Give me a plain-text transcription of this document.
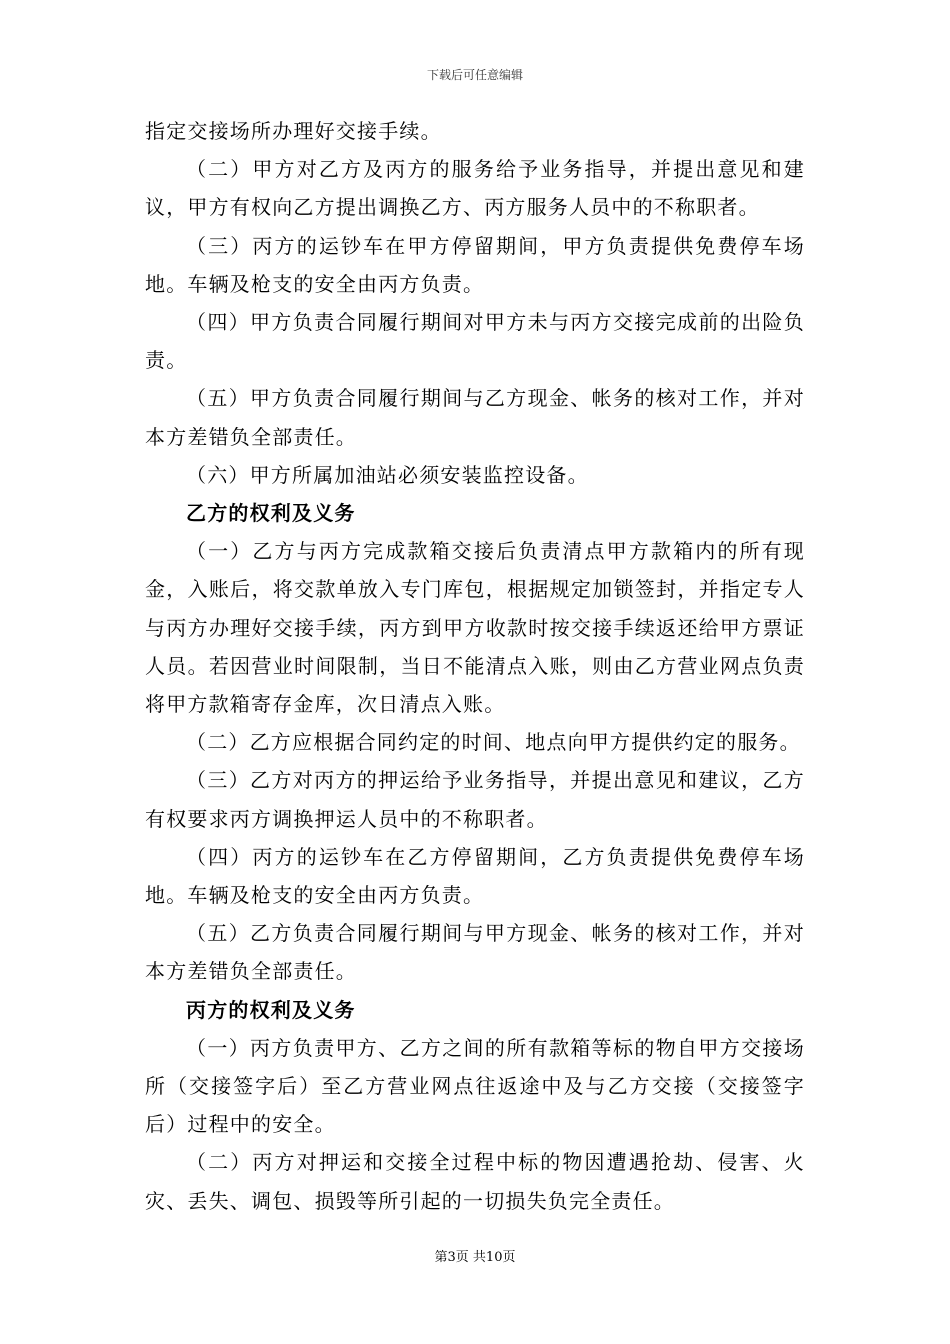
下载后可任意编辑

指定交接场所办理好交接手续。

（二）甲方对乙方及丙方的服务给予业务指导，并提出意见和建议，甲方有权向乙方提出调换乙方、丙方服务人员中的不称职者。

（三）丙方的运钞车在甲方停留期间，甲方负责提供免费停车场地。车辆及枪支的安全由丙方负责。

（四）甲方负责合同履行期间对甲方未与丙方交接完成前的出险负责。

（五）甲方负责合同履行期间与乙方现金、帐务的核对工作，并对本方差错负全部责任。

（六）甲方所属加油站必须安装监控设备。

乙方的权利及义务

（一）乙方与丙方完成款箱交接后负责清点甲方款箱内的所有现金，入账后，将交款单放入专门库包，根据规定加锁签封，并指定专人与丙方办理好交接手续，丙方到甲方收款时按交接手续返还给甲方票证人员。若因营业时间限制，当日不能清点入账，则由乙方营业网点负责将甲方款箱寄存金库，次日清点入账。

（二）乙方应根据合同约定的时间、地点向甲方提供约定的服务。

（三）乙方对丙方的押运给予业务指导，并提出意见和建议，乙方有权要求丙方调换押运人员中的不称职者。

（四）丙方的运钞车在乙方停留期间，乙方负责提供免费停车场地。车辆及枪支的安全由丙方负责。

（五）乙方负责合同履行期间与甲方现金、帐务的核对工作，并对本方差错负全部责任。

丙方的权利及义务

（一）丙方负责甲方、乙方之间的所有款箱等标的物自甲方交接场所（交接签字后）至乙方营业网点往返途中及与乙方交接（交接签字后）过程中的安全。

（二）丙方对押运和交接全过程中标的物因遭遇抢劫、侵害、火灾、丢失、调包、损毁等所引起的一切损失负完全责任。

第3页 共10页
